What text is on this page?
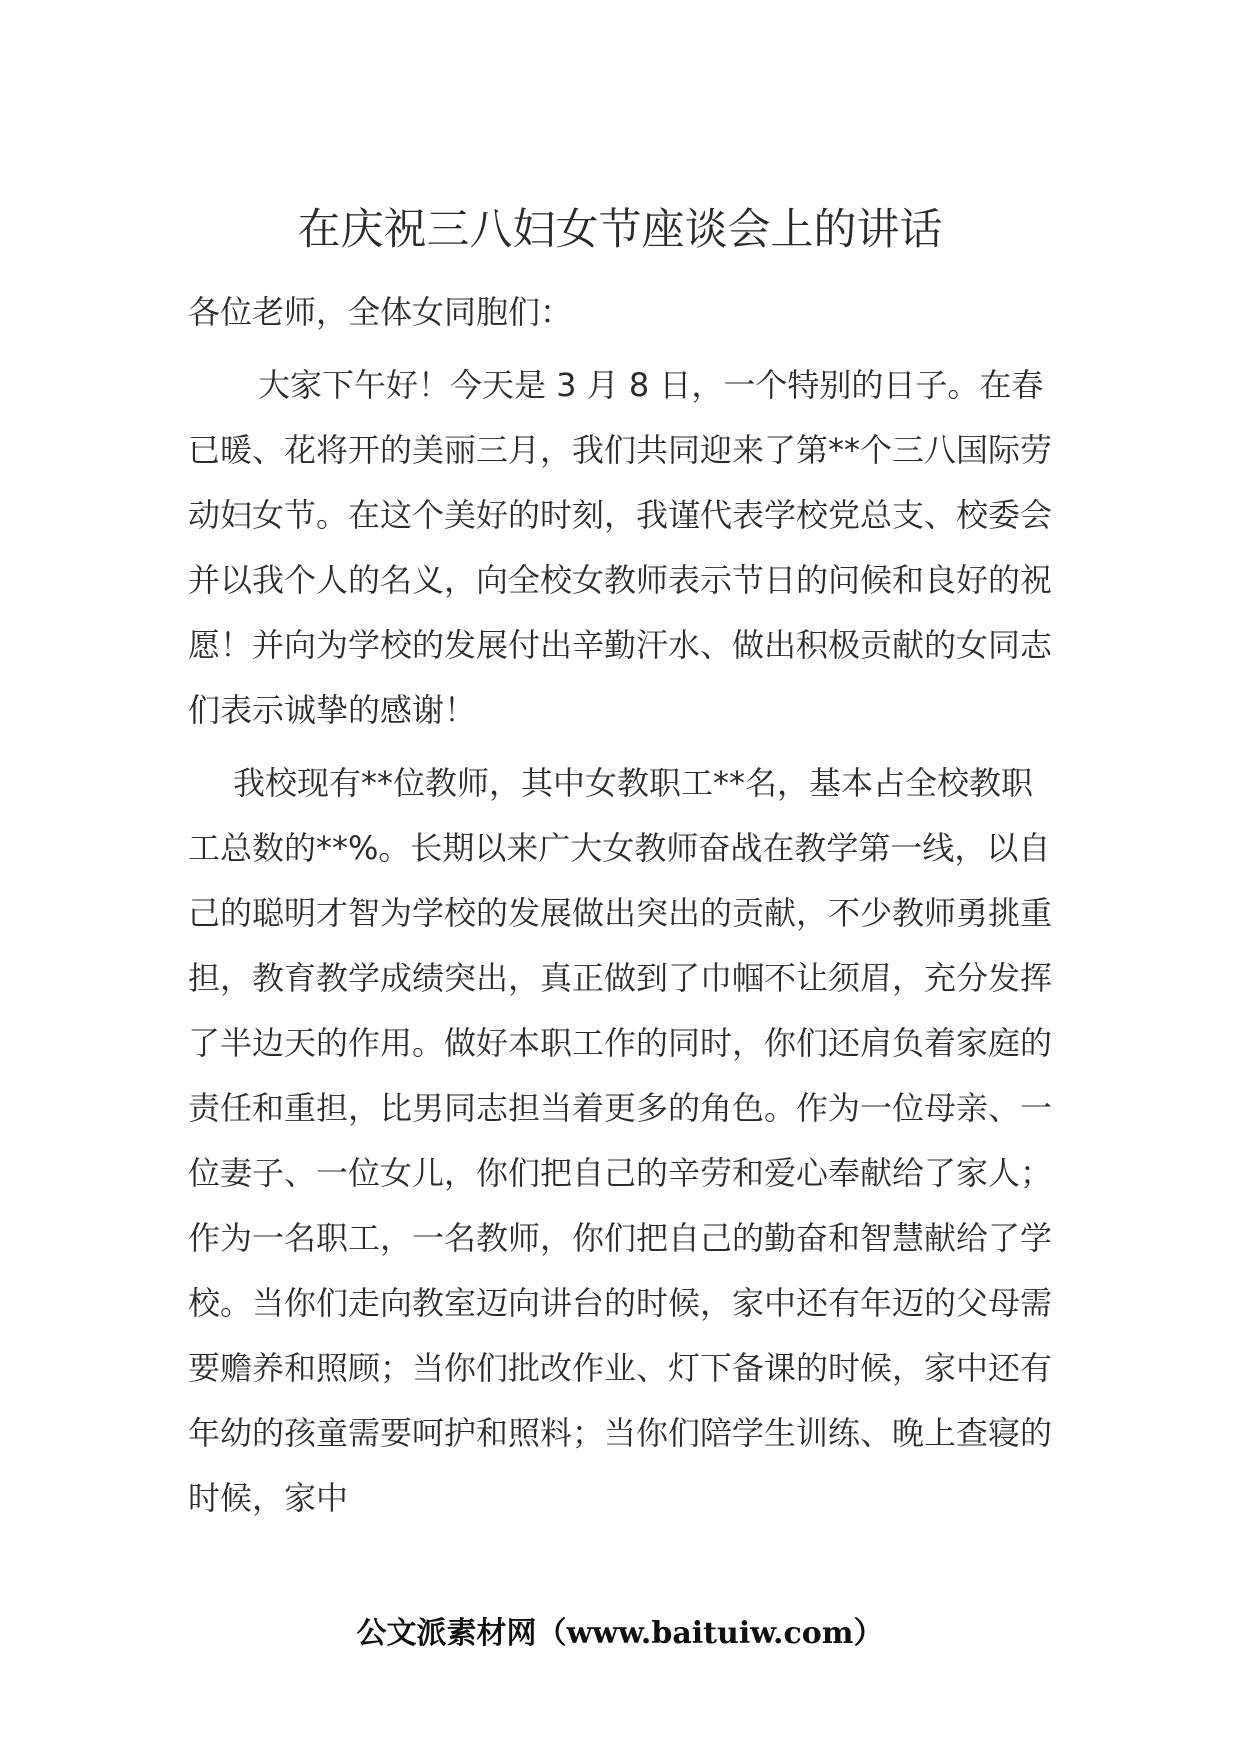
在庆祝三八妇女节座谈会上的讲话

各位老师，全体女同胞们：

大家下午好！今天是 3 月 8 日，一个特别的日子。在春已暖、花将开的美丽三月，我们共同迎来了第**个三八国际劳动妇女节。在这个美好的时刻，我谨代表学校党总支、校委会并以我个人的名义，向全校女教师表示节日的问候和良好的祝愿！并向为学校的发展付出辛勤汗水、做出积极贡献的女同志们表示诚挚的感谢！

我校现有**位教师，其中女教职工**名，基本占全校教职工总数的**%。长期以来广大女教师奋战在教学第一线，以自己的聪明才智为学校的发展做出突出的贡献，不少教师勇挑重担，教育教学成绩突出，真正做到了巾帼不让须眉，充分发挥了半边天的作用。做好本职工作的同时，你们还肩负着家庭的责任和重担，比男同志担当着更多的角色。作为一位母亲、一位妻子、一位女儿，你们把自己的辛劳和爱心奉献给了家人；作为一名职工，一名教师，你们把自己的勤奋和智慧献给了学校。当你们走向教室迈向讲台的时候，家中还有年迈的父母需要赡养和照顾；当你们批改作业、灯下备课的时候，家中还有年幼的孩童需要呵护和照料；当你们陪学生训练、晚上查寝的时候，家中

公文派素材网（www.baituiw.com）
